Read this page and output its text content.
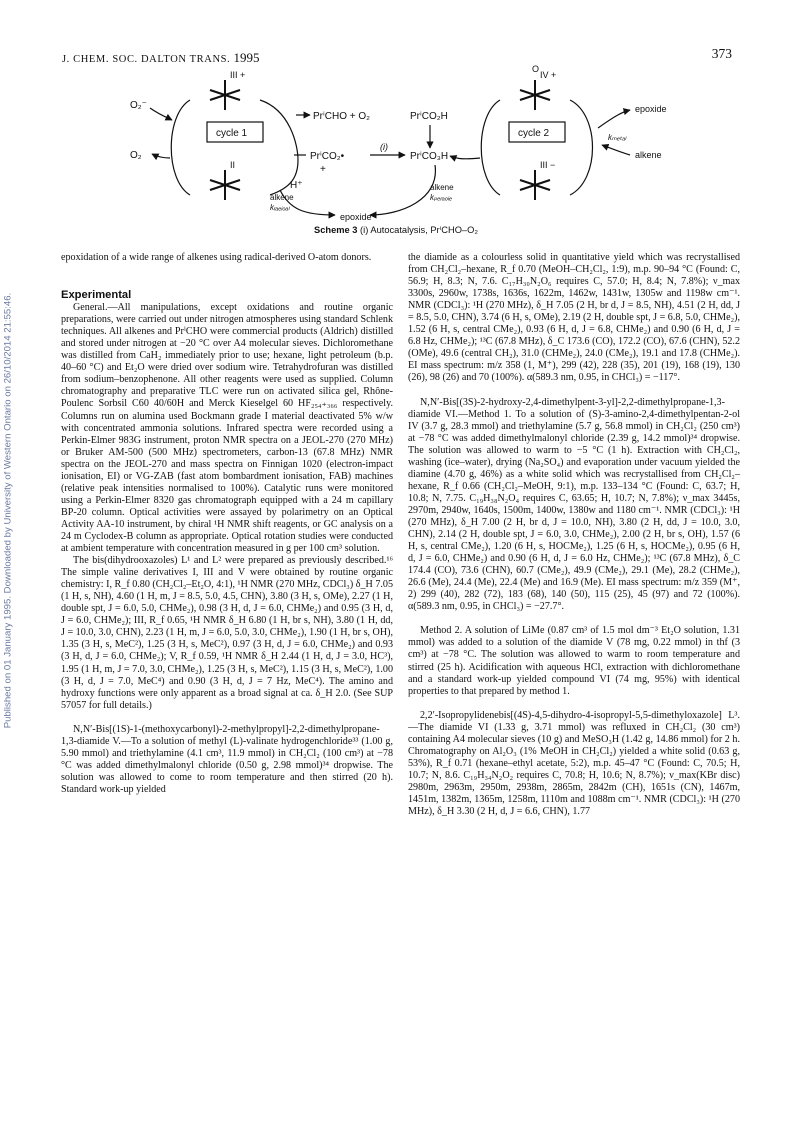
J. CHEM. SOC. DALTON TRANS. 1995	373
Published on 01 January 1995. Downloaded by University of Western Ontario on 26/10/2014 21:55:46.
III +
II
O
IV +
III −
O₂⁻
O₂
cycle 1	cycle 2
PrⁱCHO + O₂	PrⁱCO₂H
PrⁱCO₂•
(i)
PrⁱCO₃H
+
H⁺
alkene
kᵣₐₑᵢₒₐₗ
alkene
kₚₑᵣₐₒᵢₑ
epoxide
epoxide
kₘₑₜₐₗ
alkene
Scheme 3 (i) Autocatalysis, PrⁱCHO–O₂

epoxidation of a wide range of alkenes using radical-derived O-atom donors.

Experimental

General.—All manipulations, except oxidations and routine organic preparations, were carried out under nitrogen atmospheres using standard Schlenk techniques. All alkenes and PrⁱCHO were commercial products (Aldrich) distilled and stored under nitrogen at −20 °C over A4 molecular sieves. Dichloromethane was distilled from CaH₂ immediately prior to use; hexane, light petroleum (b.p. 40–60 °C) and Et₂O were dried over sodium wire. Tetrahydrofuran was distilled from sodium–benzophenone. All other reagents were used as supplied. Column chromatography and preparative TLC were run on activated silica gel, Rhône-Poulenc Sorbsil C60 40/60H and Merck Kieselgel 60 HF₂₅₄₊₃₆₆ respectively. Columns run on alumina used Bockmann grade I material deactivated 5% w/w with concentrated ammonia solutions. Infrared spectra were recorded using a Perkin-Elmer 983G instrument, proton NMR spectra on a JEOL-270 (270 MHz) or Bruker AM-500 (500 MHz) spectrometers, carbon-13 (67.8 MHz) NMR spectra on the JEOL-270 and mass spectra on Finnigan 1020 (electron-impact ionisation, EI) or VG-ZAB (fast atom bombardment ionisation, FAB) machines (relative peak intensities normalised to 100%). Catalytic runs were monitored using a Perkin-Elmer 8320 gas chromatograph equipped with a 24 m capillary BP-20 column. Optical activities were assayed by polarimetry on an Optical Activity AA-10 instrument, by chiral ¹H NMR shift reagents, or GC analysis on a 24 m Cyclodex-B column as appropriate. Optical rotation studies were conducted at ambient temperature with concentration measured in g per 100 cm³ solution.

The bis(dihydrooxazoles) L¹ and L² were prepared as previously described.¹⁶ The simple valine derivatives I, III and V were obtained by routine organic chemistry: I, R_f 0.80 (CH₂Cl₂–Et₂O, 4:1), ¹H NMR (270 MHz, CDCl₃) δ_H 7.05 (1 H, s, NH), 4.60 (1 H, m, J = 8.5, 5.0, 4.5, CHN), 3.80 (3 H, s, OMe), 2.27 (1 H, double spt, J = 6.0, 5.0, CHMe₂), 0.98 (3 H, d, J = 6.0, CHMe₂) and 0.95 (3 H, d, J = 6.0, CHMe₂); III, R_f 0.65, ¹H NMR δ_H 6.80 (1 H, br s, NH), 3.80 (1 H, dd, J = 10.0, 3.0, CHN), 2.23 (1 H, m, J = 6.0, 5.0, 3.0, CHMe₂), 1.90 (1 H, br s, OH), 1.35 (3 H, s, MeC²), 1.25 (3 H, s, MeC²), 0.97 (3 H, d, J = 6.0, CHMe₂) and 0.93 (3 H, d, J = 6.0, CHMe₂); V, R_f 0.59, ¹H NMR δ_H 2.44 (1 H, d, J = 3.0, HC³), 1.95 (1 H, m, J = 7.0, 3.0, CHMe₂), 1.25 (3 H, s, MeC²), 1.15 (3 H, s, MeC²), 1.00 (3 H, d, J = 7.0, MeC⁴) and 0.90 (3 H, d, J = 7 Hz, MeC⁴). The amino and hydroxy functions were only apparent as a broad signal at ca. δ_H 2.0. (See SUP 57057 for full details.)

N,N′-Bis[(1S)-1-(methoxycarbonyl)-2-methylpropyl]-2,2-dimethylpropane-1,3-diamide V.—To a solution of methyl (L)-valinate hydrogenchloride³³ (1.00 g, 5.90 mmol) and triethylamine (4.1 cm³, 11.9 mmol) in CH₂Cl₂ (100 cm³) at −78 °C was added dimethylmalonyl chloride (0.50 g, 2.98 mmol)³⁴ dropwise. The solution was allowed to come to room temperature and then stirred (20 h). Standard work-up yielded

the diamide as a colourless solid in quantitative yield which was recrystallised from CH₂Cl₂–hexane, R_f 0.70 (MeOH–CH₂Cl₂, 1:9), m.p. 90–94 °C (Found: C, 56.9; H, 8.3; N, 7.6. C₁₇H₃₀N₂O₆ requires C, 57.0; H, 8.4; N, 7.8%); ν_max 3300s, 2960w, 1738s, 1636s, 1622m, 1462w, 1431w, 1305w and 1198w cm⁻¹. NMR (CDCl₃): ¹H (270 MHz), δ_H 7.05 (2 H, br d, J = 8.5, NH), 4.51 (2 H, dd, J = 8.5, 5.0, CHN), 3.74 (6 H, s, OMe), 2.19 (2 H, double spt, J = 6.8, 5.0, CHMe₂), 1.52 (6 H, s, central CMe₂), 0.93 (6 H, d, J = 6.8, CHMe₂) and 0.90 (6 H, d, J = 6.8 Hz, CHMe₂); ¹³C (67.8 MHz), δ_C 173.6 (CO), 172.2 (CO), 67.6 (CHN), 52.2 (OMe), 49.6 (central CH₂), 31.0 (CHMe₂), 24.0 (CMe₂), 19.1 and 17.8 (CHMe₂). EI mass spectrum: m/z 358 (1, M⁺), 299 (42), 228 (35), 201 (19), 168 (19), 130 (26), 98 (26) and 70 (100%). α(589.3 nm, 0.95, in CHCl₃) = −117°.

N,N′-Bis[(3S)-2-hydroxy-2,4-dimethylpent-3-yl]-2,2-dimethylpropane-1,3-diamide VI.—Method 1. To a solution of (S)-3-amino-2,4-dimethylpentan-2-ol IV (3.7 g, 28.3 mmol) and triethylamine (5.7 g, 56.8 mmol) in CH₂Cl₂ (250 cm³) at −78 °C was added dimethylmalonyl chloride (2.39 g, 14.2 mmol)³⁴ dropwise. The solution was allowed to warm to −5 °C (1 h). Extraction with CH₂Cl₂, washing (ice–water), drying (Na₂SO₄) and evaporation under vacuum yielded the diamine (4.70 g, 46%) as a white solid which was recrystallised from CH₂Cl₂–hexane, R_f 0.66 (CH₂Cl₂–MeOH, 9:1), m.p. 133–134 °C (Found: C, 63.7; H, 10.8; N, 7.75. C₁₉H₃₈N₂O₄ requires C, 63.65; H, 10.7; N, 7.8%); ν_max 3445s, 2970m, 2940w, 1640s, 1500m, 1400w, 1380w and 1180 cm⁻¹. NMR (CDCl₃): ¹H (270 MHz), δ_H 7.00 (2 H, br d, J = 10.0, NH), 3.80 (2 H, dd, J = 10.0, 3.0, CHN), 2.14 (2 H, double spt, J = 6.0, 3.0, CHMe₂), 2.00 (2 H, br s, OH), 1.57 (6 H, s, central CMe₂), 1.20 (6 H, s, HOCMe₂), 1.25 (6 H, s, HOCMe₂), 0.95 (6 H, d, J = 6.0, CHMe₂) and 0.90 (6 H, d, J = 6.0 Hz, CHMe₂); ¹³C (67.8 MHz), δ_C 174.4 (CO), 73.6 (CHN), 60.7 (CMe₂), 49.9 (CMe₂), 29.1 (Me), 28.2 (CHMe₂), 26.6 (Me), 24.4 (Me), 22.4 (Me) and 16.9 (Me). EI mass spectrum: m/z 359 (M⁺, 2) 299 (40), 282 (72), 183 (68), 140 (50), 115 (25), 45 (97) and 72 (100%). α(589.3 nm, 0.95, in CHCl₃) = −27.7°.

Method 2. A solution of LiMe (0.87 cm³ of 1.5 mol dm⁻³ Et₂O solution, 1.31 mmol) was added to a solution of the diamide V (78 mg, 0.22 mmol) in thf (3 cm³) at −78 °C. The solution was allowed to warm to room temperature and stirred (25 h). Acidification with aqueous HCl, extraction with dichloromethane and a standard work-up yielded compound VI (74 mg, 95%) with identical properties to that prepared by method 1.

2,2′-Isopropylidenebis[(4S)-4,5-dihydro-4-isopropyl-5,5-dimethyloxazole] L³.—The diamide VI (1.33 g, 3.71 mmol) was refluxed in CH₂Cl₂ (30 cm³) containing A4 molecular sieves (10 g) and MeSO₃H (1.42 g, 14.86 mmol) for 2 h. Chromatography on Al₂O₃ (1% MeOH in CH₂Cl₂) yielded a white solid (0.63 g, 53%), R_f 0.71 (hexane–ethyl acetate, 5:2), m.p. 45–47 °C (Found: C, 70.5; H, 10.7; N, 8.6. C₁₉H₃₄N₂O₂ requires C, 70.8; H, 10.6; N, 8.7%); ν_max(KBr disc) 2980m, 2963m, 2950m, 2938m, 2865m, 2842m (CH), 1651s (CN), 1467m, 1451m, 1382m, 1365m, 1258m, 1110m and 1088m cm⁻¹. NMR (CDCl₃): ¹H (270 MHz), δ_H 3.30 (2 H, d, J = 6.6, CHN), 1.77
